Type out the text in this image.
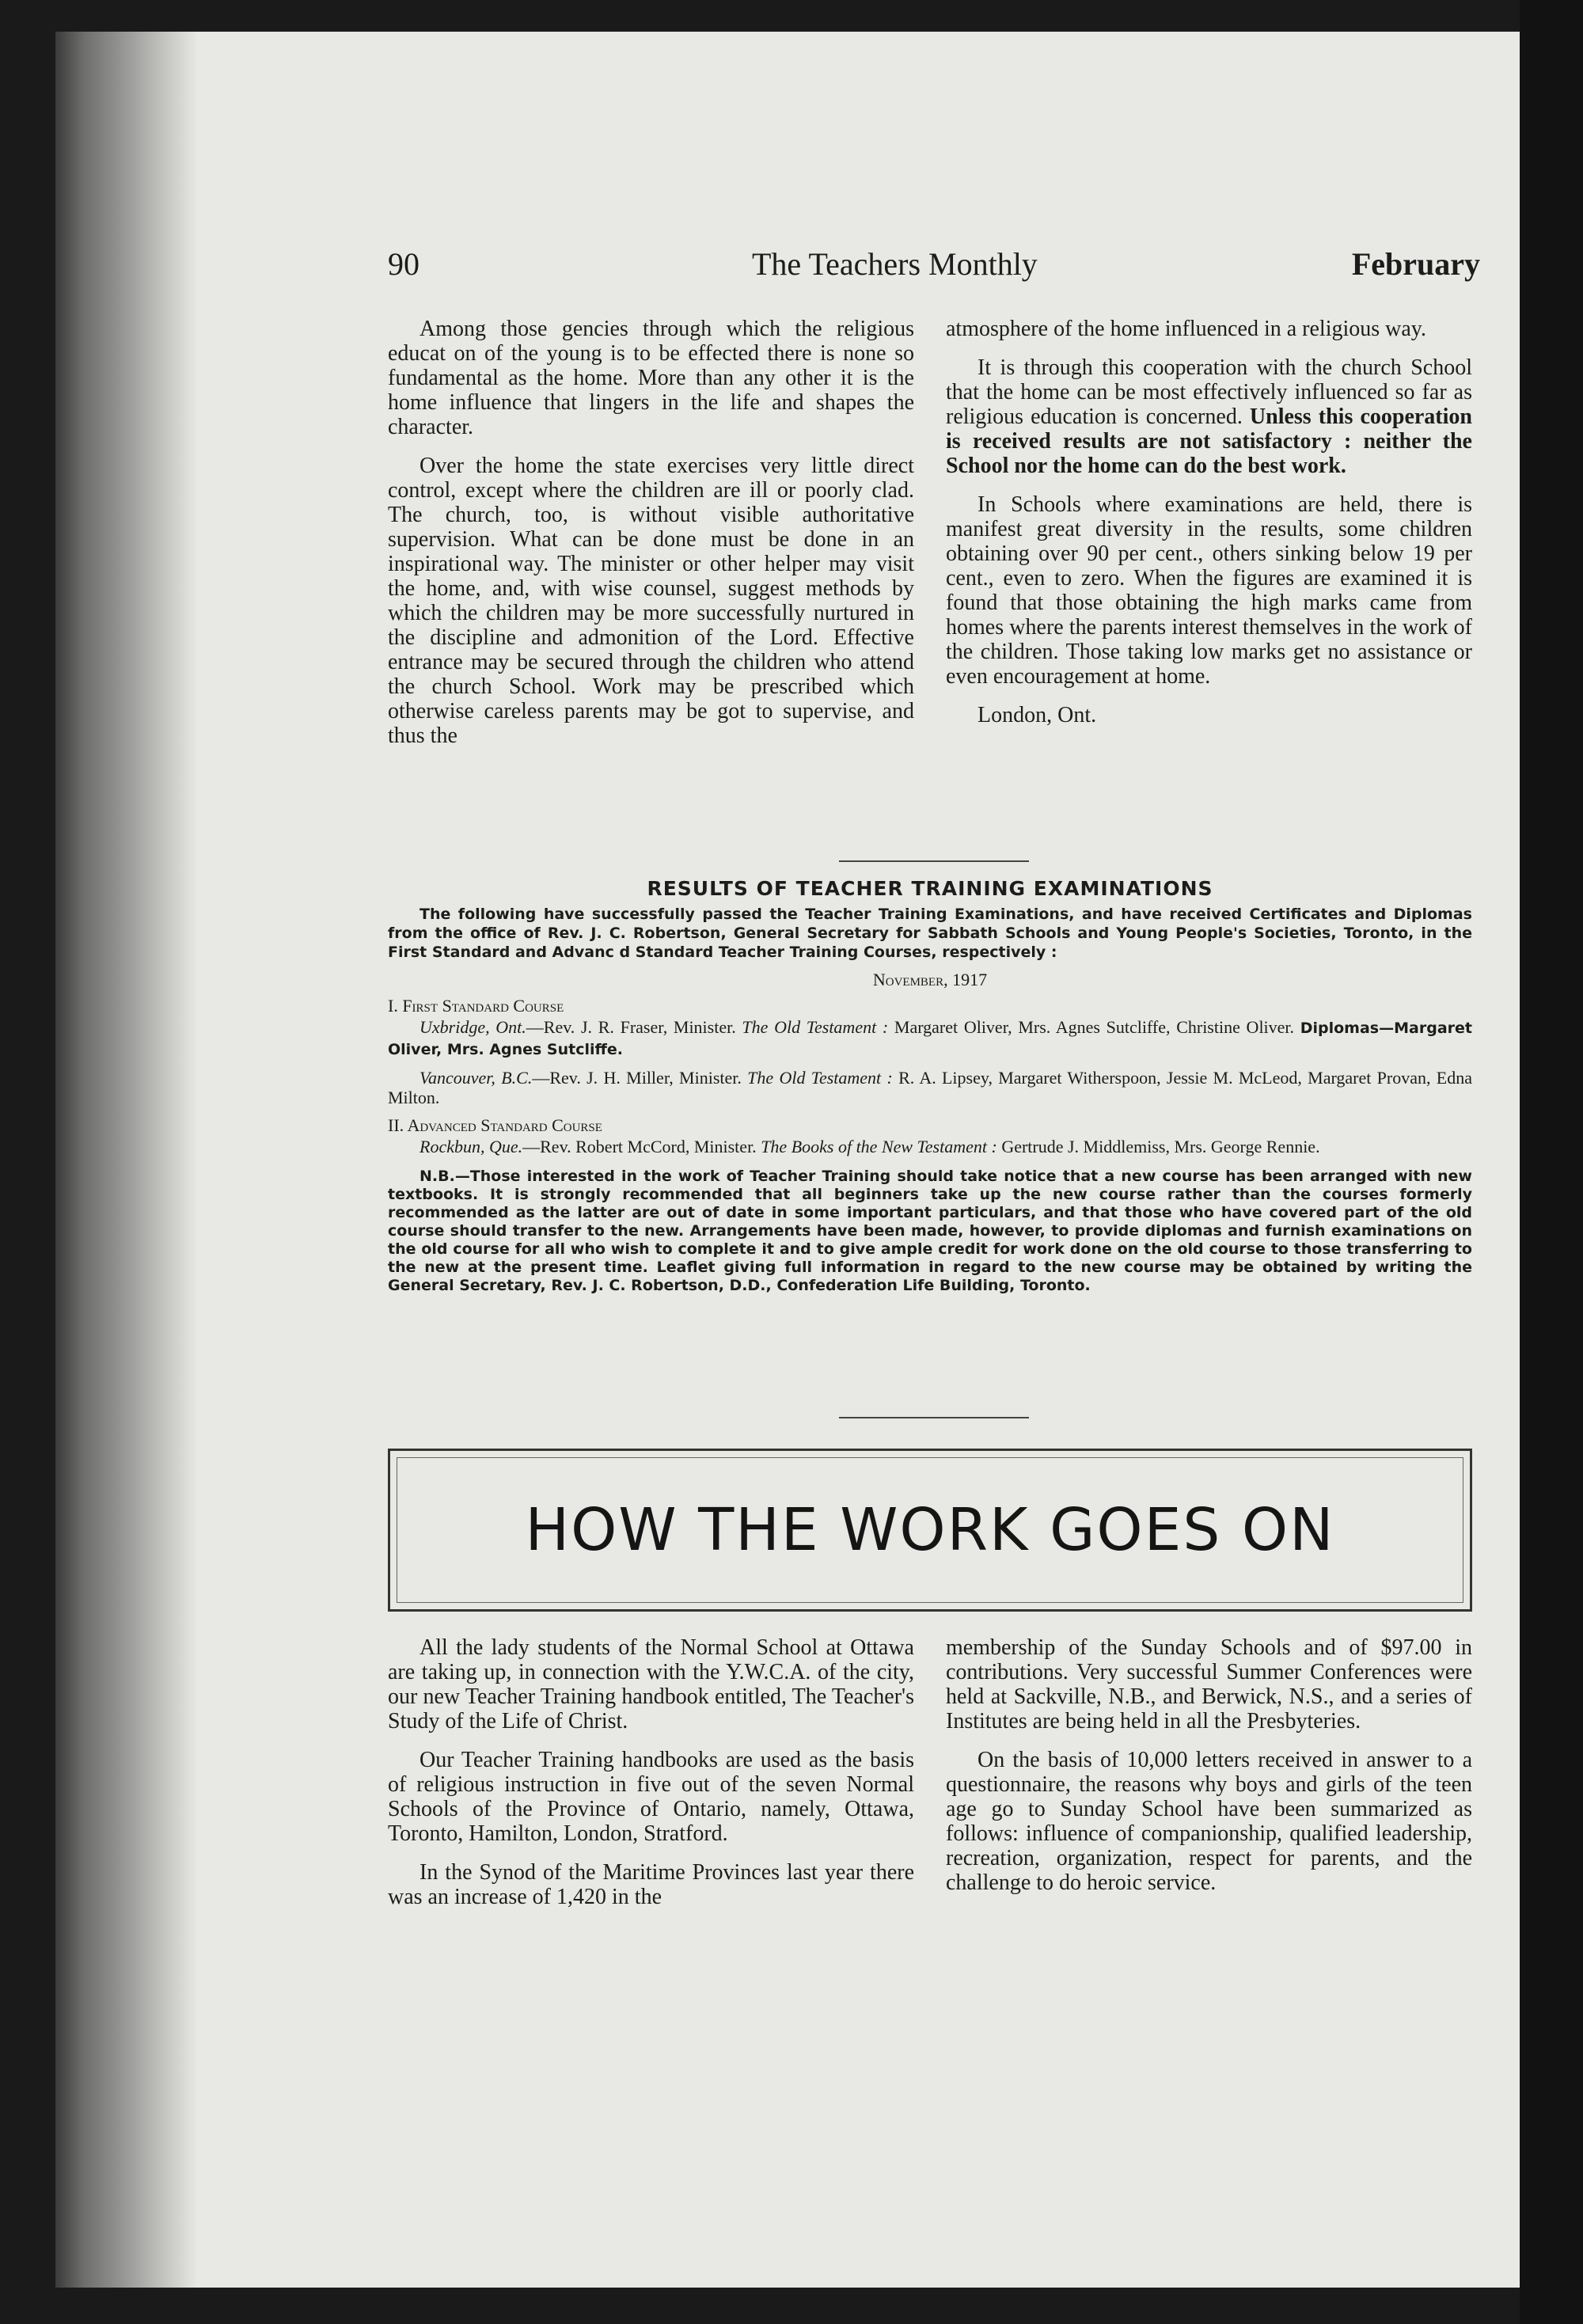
90	The Teachers Monthly	February

Among those gencies through which the religious educat on of the young is to be effected there is none so fundamental as the home. More than any other it is the home influence that lingers in the life and shapes the character.

Over the home the state exercises very little direct control, except where the children are ill or poorly clad. The church, too, is without visible authoritative supervision. What can be done must be done in an inspirational way. The minister or other helper may visit the home, and, with wise counsel, suggest methods by which the children may be more successfully nurtured in the discipline and admonition of the Lord. Effective entrance may be secured through the children who attend the church School. Work may be prescribed which otherwise careless parents may be got to supervise, and thus the

atmosphere of the home influenced in a religious way.

It is through this cooperation with the church School that the home can be most effectively influenced so far as religious education is concerned. Unless this cooperation is received results are not satisfactory : neither the School nor the home can do the best work.

In Schools where examinations are held, there is manifest great diversity in the results, some children obtaining over 90 per cent., others sinking below 19 per cent., even to zero. When the figures are examined it is found that those obtaining the high marks came from homes where the parents interest themselves in the work of the children. Those taking low marks get no assistance or even encouragement at home.

London, Ont.

RESULTS OF TEACHER TRAINING EXAMINATIONS

The following have successfully passed the Teacher Training Examinations, and have received Certificates and Diplomas from the office of Rev. J. C. Robertson, General Secretary for Sabbath Schools and Young People's Societies, Toronto, in the First Standard and Advanc d Standard Teacher Training Courses, respectively :

November, 1917
I. First Standard Course

Uxbridge, Ont.—Rev. J. R. Fraser, Minister. The Old Testament : Margaret Oliver, Mrs. Agnes Sutcliffe, Christine Oliver. Diplomas—Margaret Oliver, Mrs. Agnes Sutcliffe.

Vancouver, B.C.—Rev. J. H. Miller, Minister. The Old Testament : R. A. Lipsey, Margaret Witherspoon, Jessie M. McLeod, Margaret Provan, Edna Milton.

II. Advanced Standard Course

Rockbun, Que.—Rev. Robert McCord, Minister. The Books of the New Testament : Gertrude J. Middlemiss, Mrs. George Rennie.

N.B.—Those interested in the work of Teacher Training should take notice that a new course has been arranged with new textbooks. It is strongly recommended that all beginners take up the new course rather than the courses formerly recommended as the latter are out of date in some important particulars, and that those who have covered part of the old course should transfer to the new. Arrangements have been made, however, to provide diplomas and furnish examinations on the old course for all who wish to complete it and to give ample credit for work done on the old course to those transferring to the new at the present time. Leaflet giving full information in regard to the new course may be obtained by writing the General Secretary, Rev. J. C. Robertson, D.D., Confederation Life Building, Toronto.

HOW THE WORK GOES ON

All the lady students of the Normal School at Ottawa are taking up, in connection with the Y.W.C.A. of the city, our new Teacher Training handbook entitled, The Teacher's Study of the Life of Christ.

Our Teacher Training handbooks are used as the basis of religious instruction in five out of the seven Normal Schools of the Province of Ontario, namely, Ottawa, Toronto, Hamilton, London, Stratford.

In the Synod of the Maritime Provinces last year there was an increase of 1,420 in the

membership of the Sunday Schools and of $97.00 in contributions. Very successful Summer Conferences were held at Sackville, N.B., and Berwick, N.S., and a series of Institutes are being held in all the Presbyteries.

On the basis of 10,000 letters received in answer to a questionnaire, the reasons why boys and girls of the teen age go to Sunday School have been summarized as follows: influence of companionship, qualified leadership, recreation, organization, respect for parents, and the challenge to do heroic service.
